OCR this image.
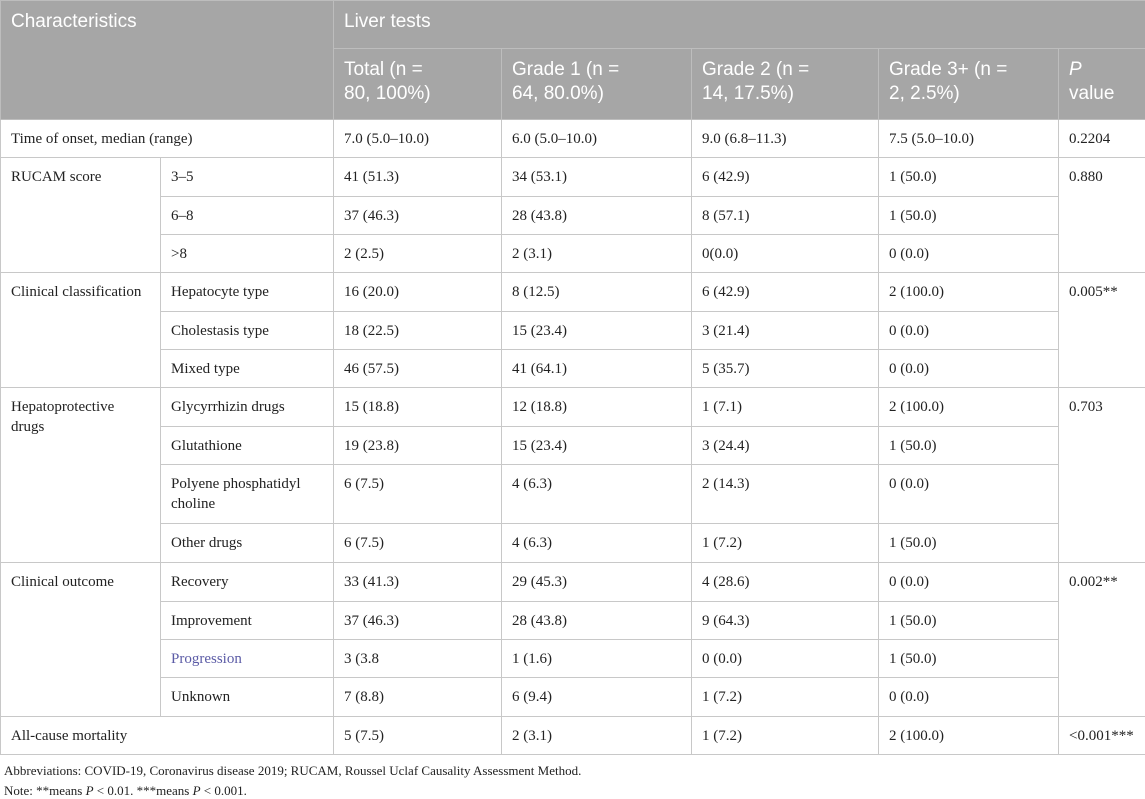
Characteristics		Liver tests				
		Total (n =
80, 100%)	Grade 1 (n =
64, 80.0%)	Grade 2 (n =
14, 17.5%)	Grade 3+ (n =
2, 2.5%)	P
value
Time of onset, median (range)		7.0 (5.0–10.0)	6.0 (5.0–10.0)	9.0 (6.8–11.3)	7.5 (5.0–10.0)	0.2204
RUCAM score	3–5	41 (51.3)	34 (53.1)	6 (42.9)	1 (50.0)	0.880
	6–8	37 (46.3)	28 (43.8)	8 (57.1)	1 (50.0)	
	>8	2 (2.5)	2 (3.1)	0(0.0)	0 (0.0)	
Clinical classification	Hepatocyte type	16 (20.0)	8 (12.5)	6 (42.9)	2 (100.0)	0.005**
	Cholestasis type	18 (22.5)	15 (23.4)	3 (21.4)	0 (0.0)	
	Mixed type	46 (57.5)	41 (64.1)	5 (35.7)	0 (0.0)	
Hepatoprotective
drugs	Glycyrrhizin drugs	15 (18.8)	12 (18.8)	1 (7.1)	2 (100.0)	0.703
	Glutathione	19 (23.8)	15 (23.4)	3 (24.4)	1 (50.0)	
	Polyene phosphatidyl
choline	6 (7.5)	4 (6.3)	2 (14.3)	0 (0.0)	
	Other drugs	6 (7.5)	4 (6.3)	1 (7.2)	1 (50.0)	
Clinical outcome	Recovery	33 (41.3)	29 (45.3)	4 (28.6)	0 (0.0)	0.002**
	Improvement	37 (46.3)	28 (43.8)	9 (64.3)	1 (50.0)	
	Progression	3 (3.8	1 (1.6)	0 (0.0)	1 (50.0)	
	Unknown	7 (8.8)	6 (9.4)	1 (7.2)	0 (0.0)	
All-cause mortality		5 (7.5)	2 (3.1)	1 (7.2)	2 (100.0)	<0.001***
Abbreviations: COVID-19, Coronavirus disease 2019; RUCAM, Roussel Uclaf Causality Assessment Method.
Note: **means P < 0.01. ***means P < 0.001.
